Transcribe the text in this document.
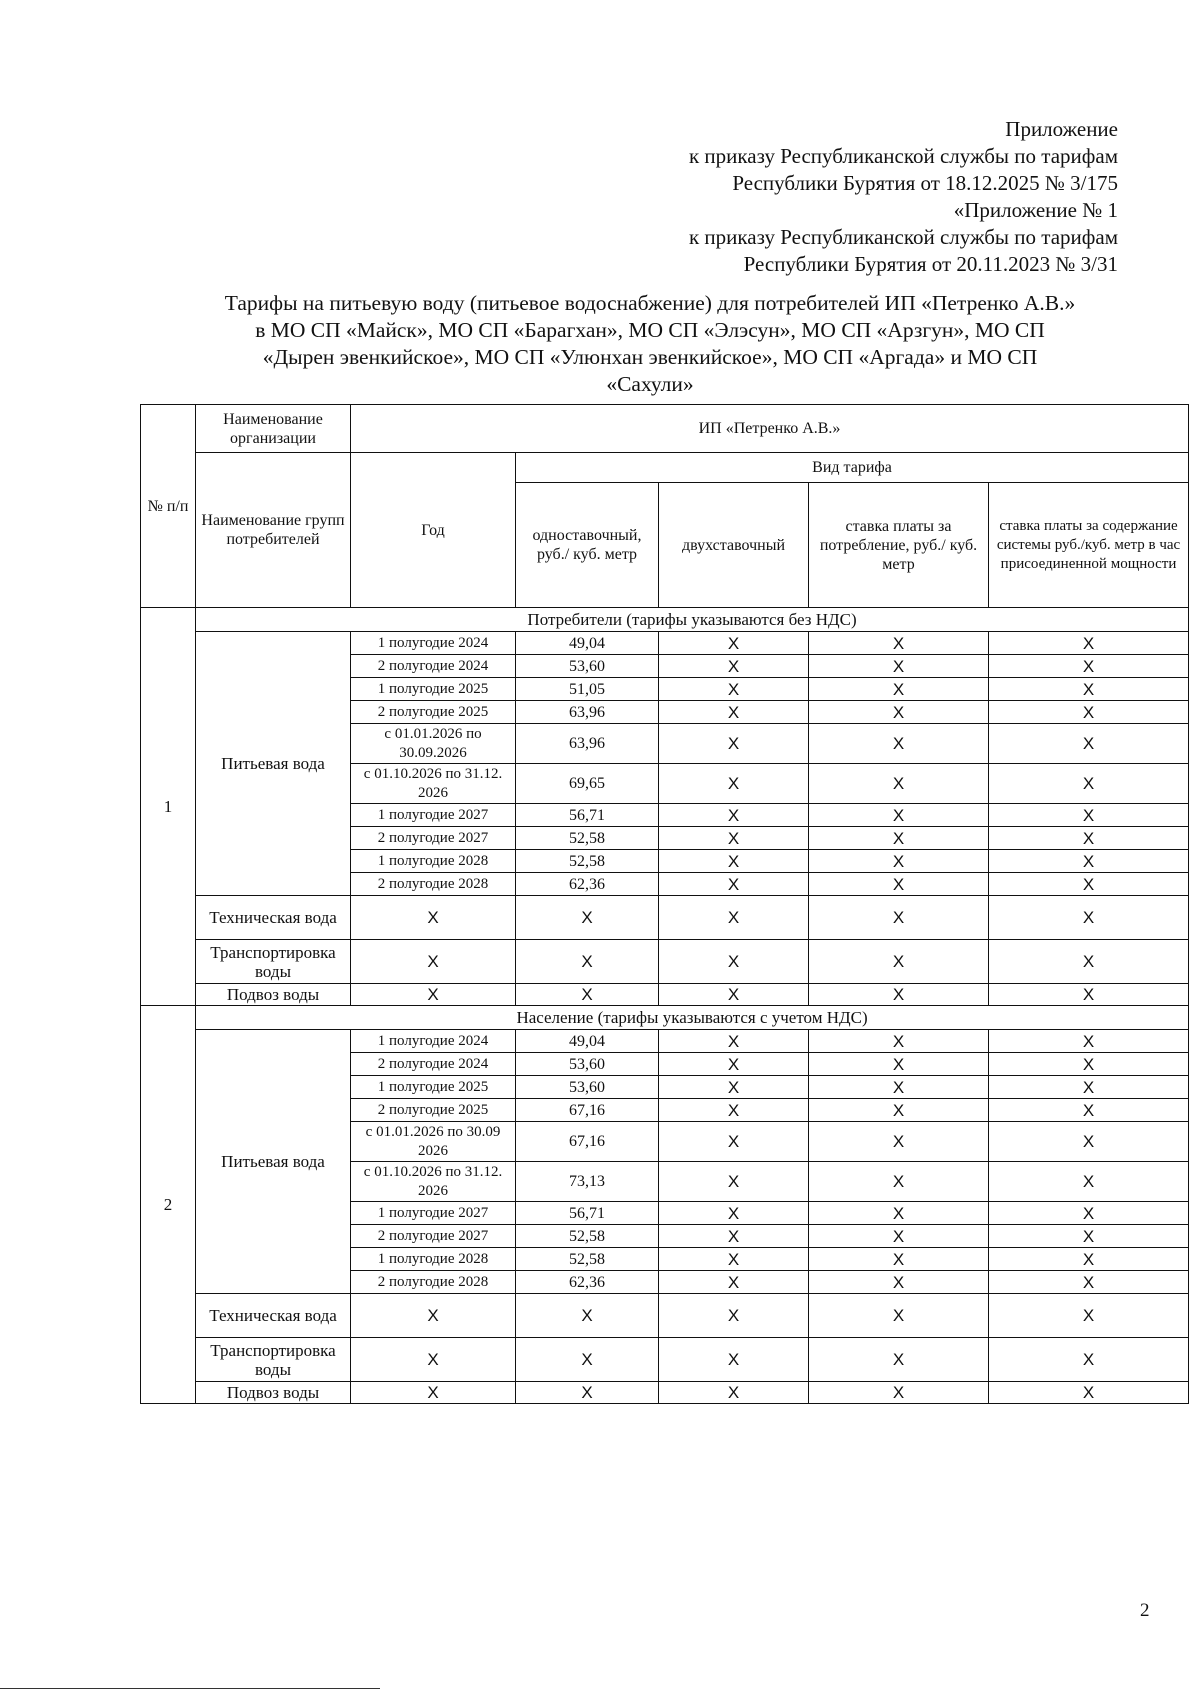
Приложение
к приказу Республиканской службы по тарифам
Республики Бурятия от 18.12.2025 № 3/175
«Приложение № 1
к приказу Республиканской службы по тарифам
Республики Бурятия от 20.11.2023 № 3/31
Тарифы на питьевую воду (питьевое водоснабжение) для потребителей ИП «Петренко А.В.»
в МО СП «Майск», МО СП «Барагхан», МО СП «Элэсун», МО СП «Арзгун», МО СП
«Дырен эвенкийское», МО СП «Улюнхан эвенкийское», МО СП «Аргада» и МО СП
«Сахули»
№ п/п	Наименование организации	ИП «Петренко А.В.»				
	Наименование групп потребителей	Год	Вид тарифа			
			одноставочный, руб./ куб. метр	двухставочный	ставка платы за потребление, руб./ куб. метр	ставка платы за содержание системы руб./куб. метр в час присоединенной мощности
1	Потребители (тарифы указываются без НДС)					
	Питьевая вода	1 полугодие 2024	49,04	X	X	X
		2 полугодие 2024	53,60	X	X	X
		1 полугодие 2025	51,05	X	X	X
		2 полугодие 2025	63,96	X	X	X
		с 01.01.2026 по 30.09.2026	63,96	X	X	X
		с 01.10.2026 по 31.12. 2026	69,65	X	X	X
		1 полугодие 2027	56,71	X	X	X
		2 полугодие 2027	52,58	X	X	X
		1 полугодие 2028	52,58	X	X	X
		2 полугодие 2028	62,36	X	X	X
	Техническая вода	X	X	X	X	X
	Транспортировка воды	X	X	X	X	X
	Подвоз воды	X	X	X	X	X
2	Население (тарифы указываются с учетом НДС)					
	Питьевая вода	1 полугодие 2024	49,04	X	X	X
		2 полугодие 2024	53,60	X	X	X
		1 полугодие 2025	53,60	X	X	X
		2 полугодие 2025	67,16	X	X	X
		с 01.01.2026 по 30.09 2026	67,16	X	X	X
		с 01.10.2026 по 31.12. 2026	73,13	X	X	X
		1 полугодие 2027	56,71	X	X	X
		2 полугодие 2027	52,58	X	X	X
		1 полугодие 2028	52,58	X	X	X
		2 полугодие 2028	62,36	X	X	X
	Техническая вода	X	X	X	X	X
	Транспортировка воды	X	X	X	X	X
	Подвоз воды	X	X	X	X	X
2
